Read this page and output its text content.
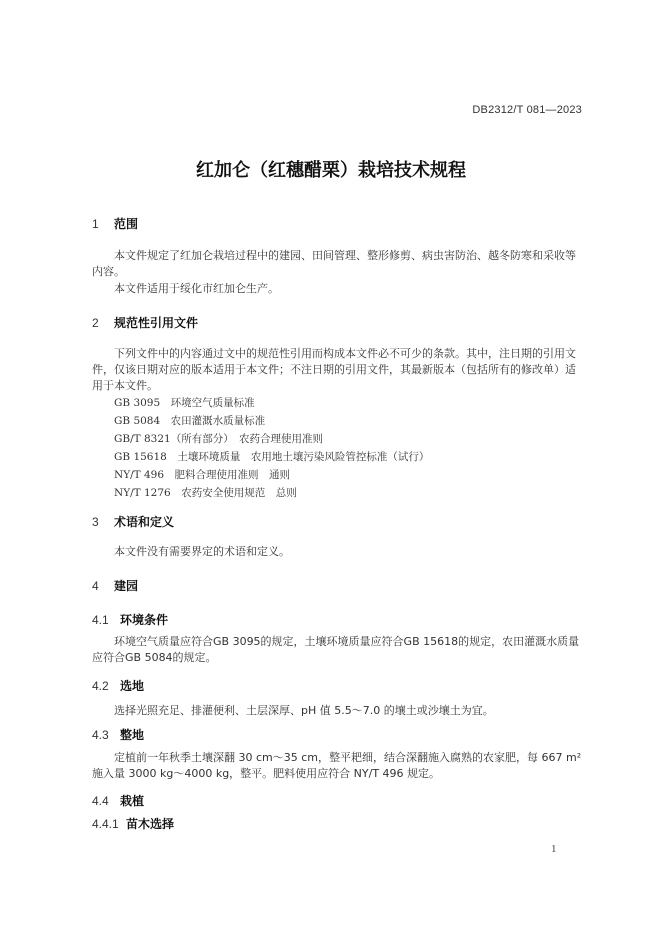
DB2312/T 081—2023
红加仑（红穗醋栗）栽培技术规程
1 范围
本文件规定了红加仑栽培过程中的建园、田间管理、整形修剪、病虫害防治、越冬防寒和采收等内容。
本文件适用于绥化市红加仑生产。
2 规范性引用文件
下列文件中的内容通过文中的规范性引用而构成本文件必不可少的条款。其中，注日期的引用文件，仅该日期对应的版本适用于本文件；不注日期的引用文件，其最新版本（包括所有的修改单）适用于本文件。
GB 3095　环境空气质量标准
GB 5084　农田灌溉水质量标准
GB/T 8321（所有部分）　农药合理使用准则
GB 15618　土壤环境质量　农用地土壤污染风险管控标准（试行）
NY/T 496　肥料合理使用准则　通则
NY/T 1276　农药安全使用规范　总则
3 术语和定义
本文件没有需要界定的术语和定义。
4 建园
4.1 环境条件
环境空气质量应符合GB 3095的规定，土壤环境质量应符合GB 15618的规定，农田灌溉水质量应符合GB 5084的规定。
4.2 选地
选择光照充足、排灌便利、土层深厚、pH 值 5.5～7.0 的壤土或沙壤土为宜。
4.3 整地
定植前一年秋季土壤深翻 30 cm～35 cm，整平耙细，结合深翻施入腐熟的农家肥，每 667 m² 施入量 3000 kg～4000 kg，整平。肥料使用应符合 NY/T 496 规定。
4.4 栽植
4.4.1 苗木选择
1
